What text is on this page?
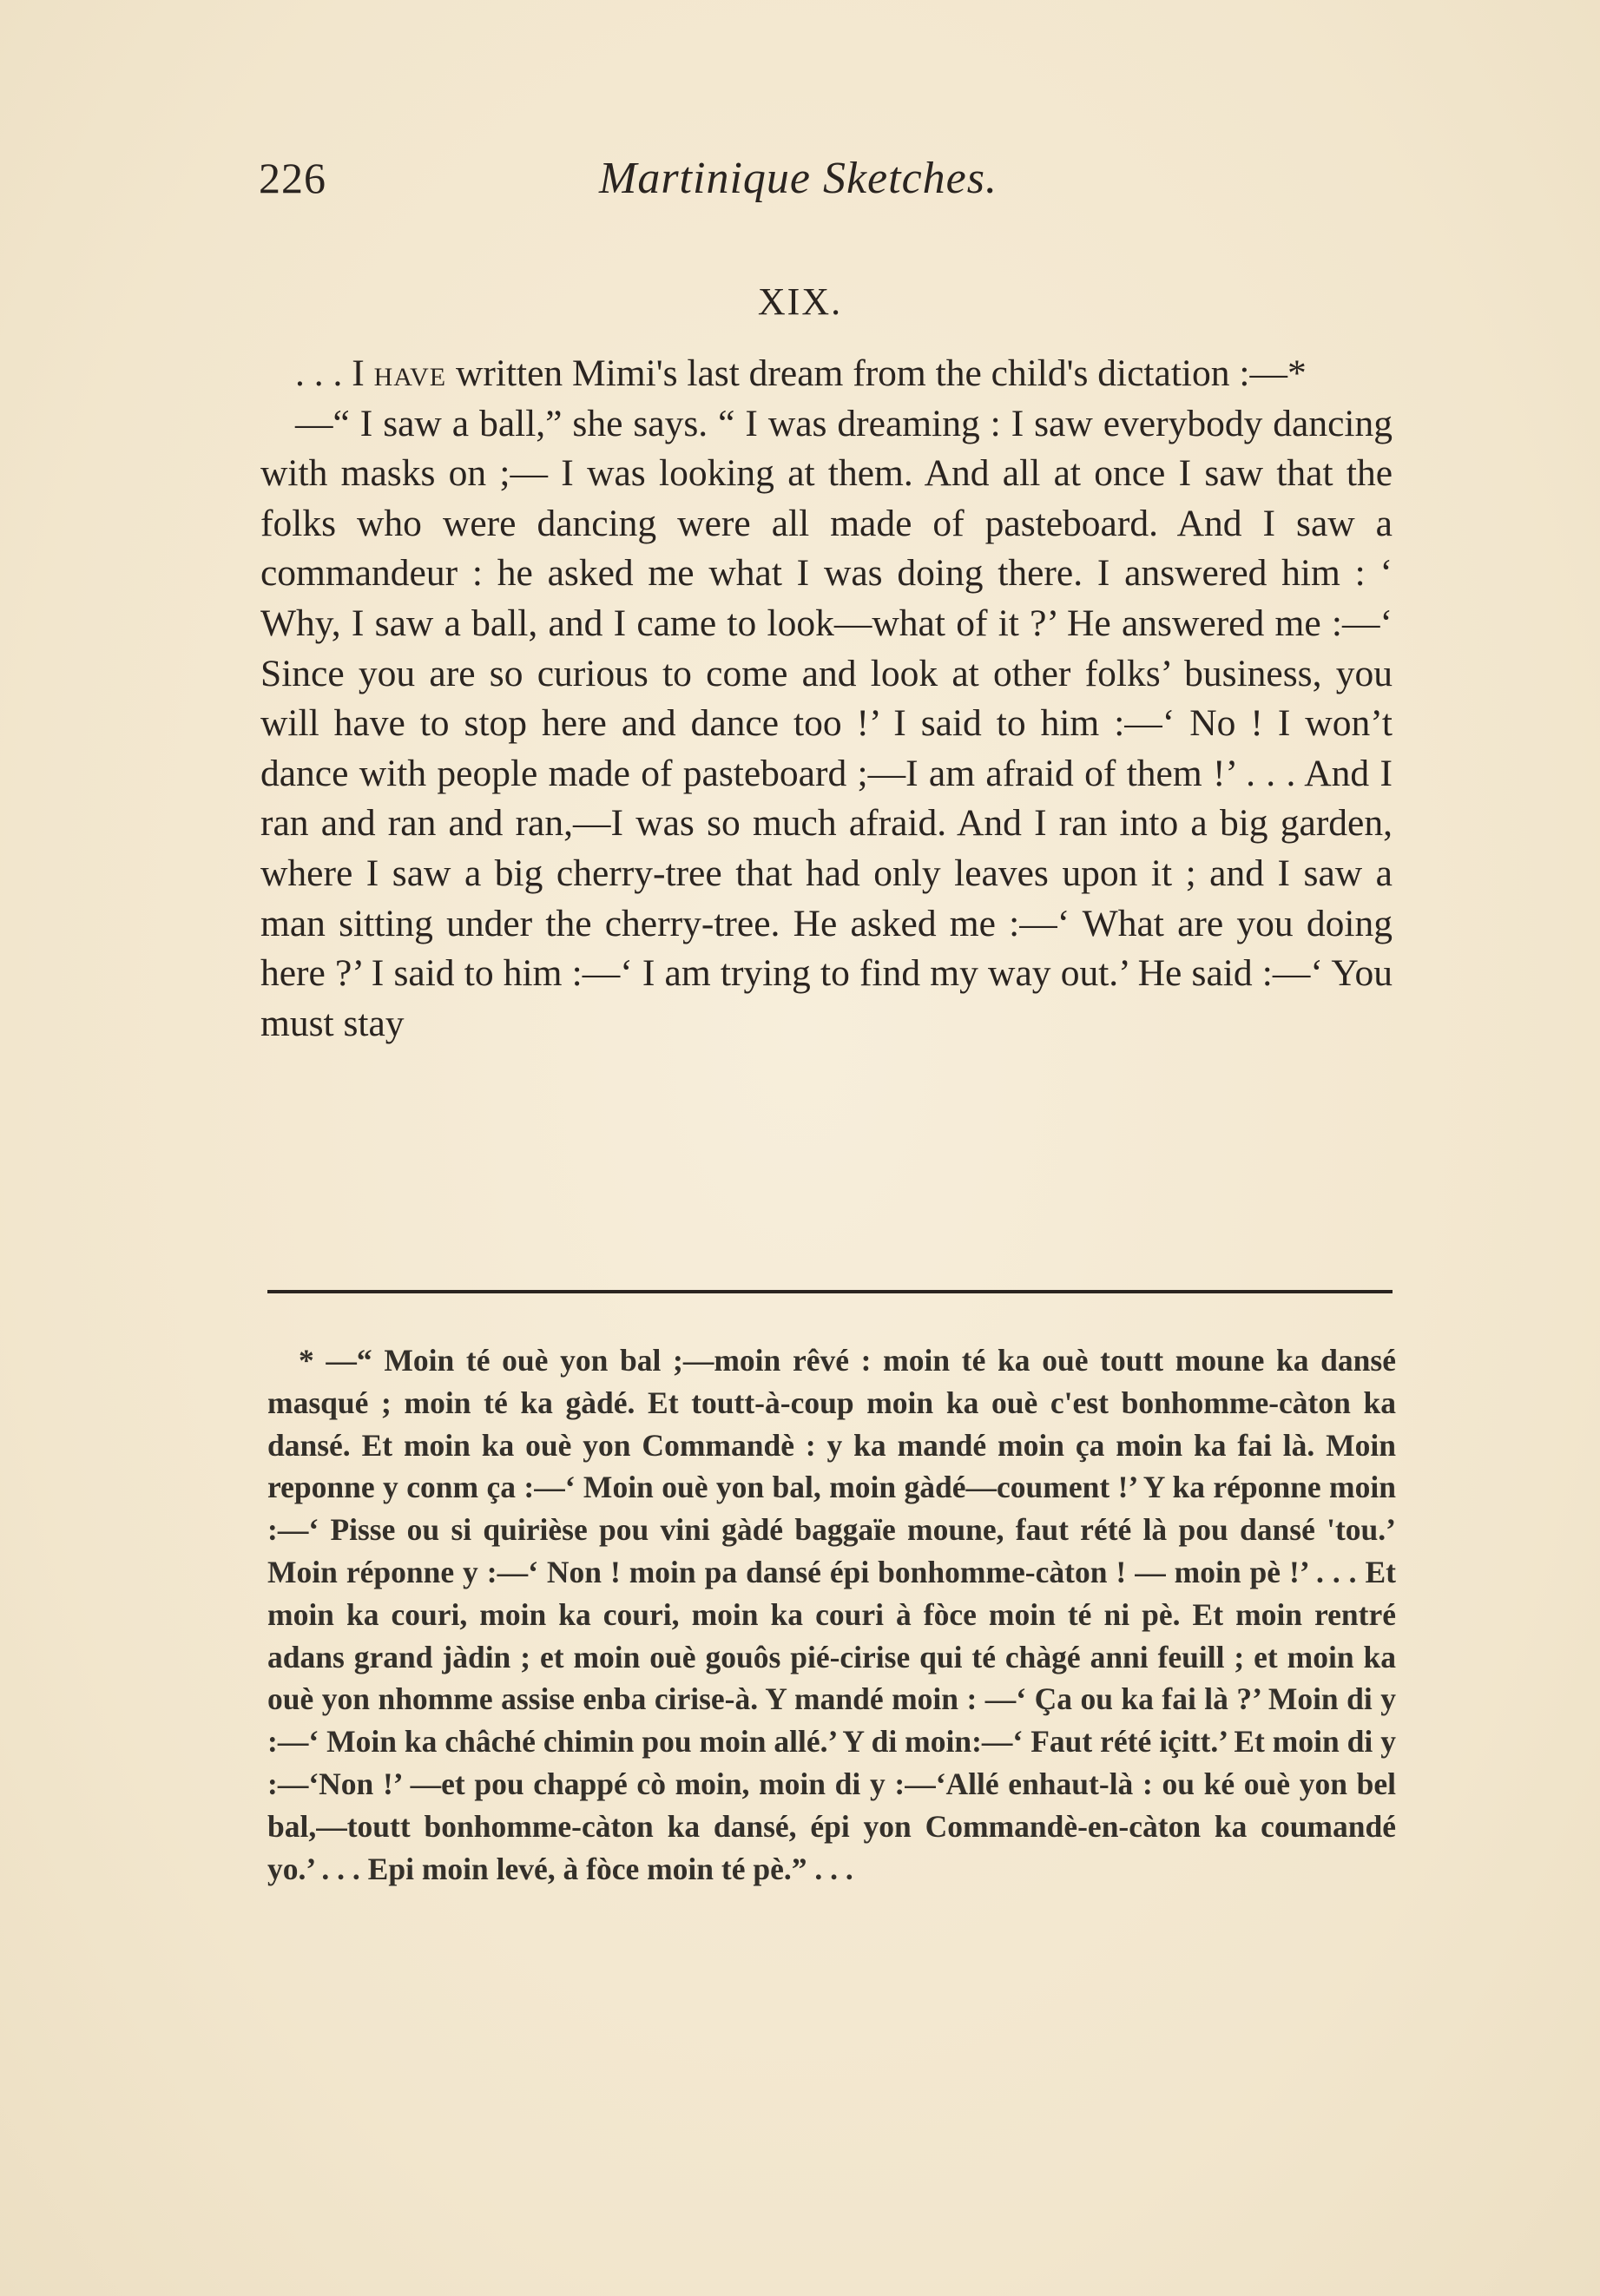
226	Martinique Sketches.
XIX.

. . . I have written Mimi's last dream from the child's dictation :—*

—“ I saw a ball,” she says. “ I was dreaming : I saw everybody dancing with masks on ;— I was looking at them. And all at once I saw that the folks who were dancing were all made of pasteboard. And I saw a commandeur : he asked me what I was doing there. I answered him : ‘ Why, I saw a ball, and I came to look—what of it ?’ He answered me :—‘ Since you are so curious to come and look at other folks’ business, you will have to stop here and dance too !’ I said to him :—‘ No ! I won’t dance with people made of pasteboard ;—I am afraid of them !’ . . . And I ran and ran and ran,—I was so much afraid. And I ran into a big garden, where I saw a big cherry-tree that had only leaves upon it ; and I saw a man sitting under the cherry-tree. He asked me :—‘ What are you doing here ?’ I said to him :—‘ I am trying to find my way out.’ He said :—‘ You must stay

* —“ Moin té ouè yon bal ;—moin rêvé : moin té ka ouè toutt moune ka dansé masqué ; moin té ka gàdé. Et toutt-à-coup moin ka ouè c'est bonhomme-càton ka dansé. Et moin ka ouè yon Commandè : y ka mandé moin ça moin ka fai là. Moin reponne y conm ça :—‘ Moin ouè yon bal, moin gàdé—coument !’ Y ka réponne moin :—‘ Pisse ou si quirièse pou vini gàdé baggaïe moune, faut rété là pou dansé 'tou.’ Moin réponne y :—‘ Non ! moin pa dansé épi bonhomme-càton ! — moin pè !’ . . . Et moin ka couri, moin ka couri, moin ka couri à fòce moin té ni pè. Et moin rentré adans grand jàdin ; et moin ouè gouôs pié-cirise qui té chàgé anni feuill ; et moin ka ouè yon nhomme assise enba cirise-à. Y mandé moin : —‘ Ça ou ka fai là ?’ Moin di y :—‘ Moin ka châché chimin pou moin allé.’ Y di moin:—‘ Faut rété içitt.’ Et moin di y :—‘Non !’ —et pou chappé cò moin, moin di y :—‘Allé enhaut-là : ou ké ouè yon bel bal,—toutt bonhomme-càton ka dansé, épi yon Commandè-en-càton ka coumandé yo.’ . . . Epi moin levé, à fòce moin té pè.” . . .
